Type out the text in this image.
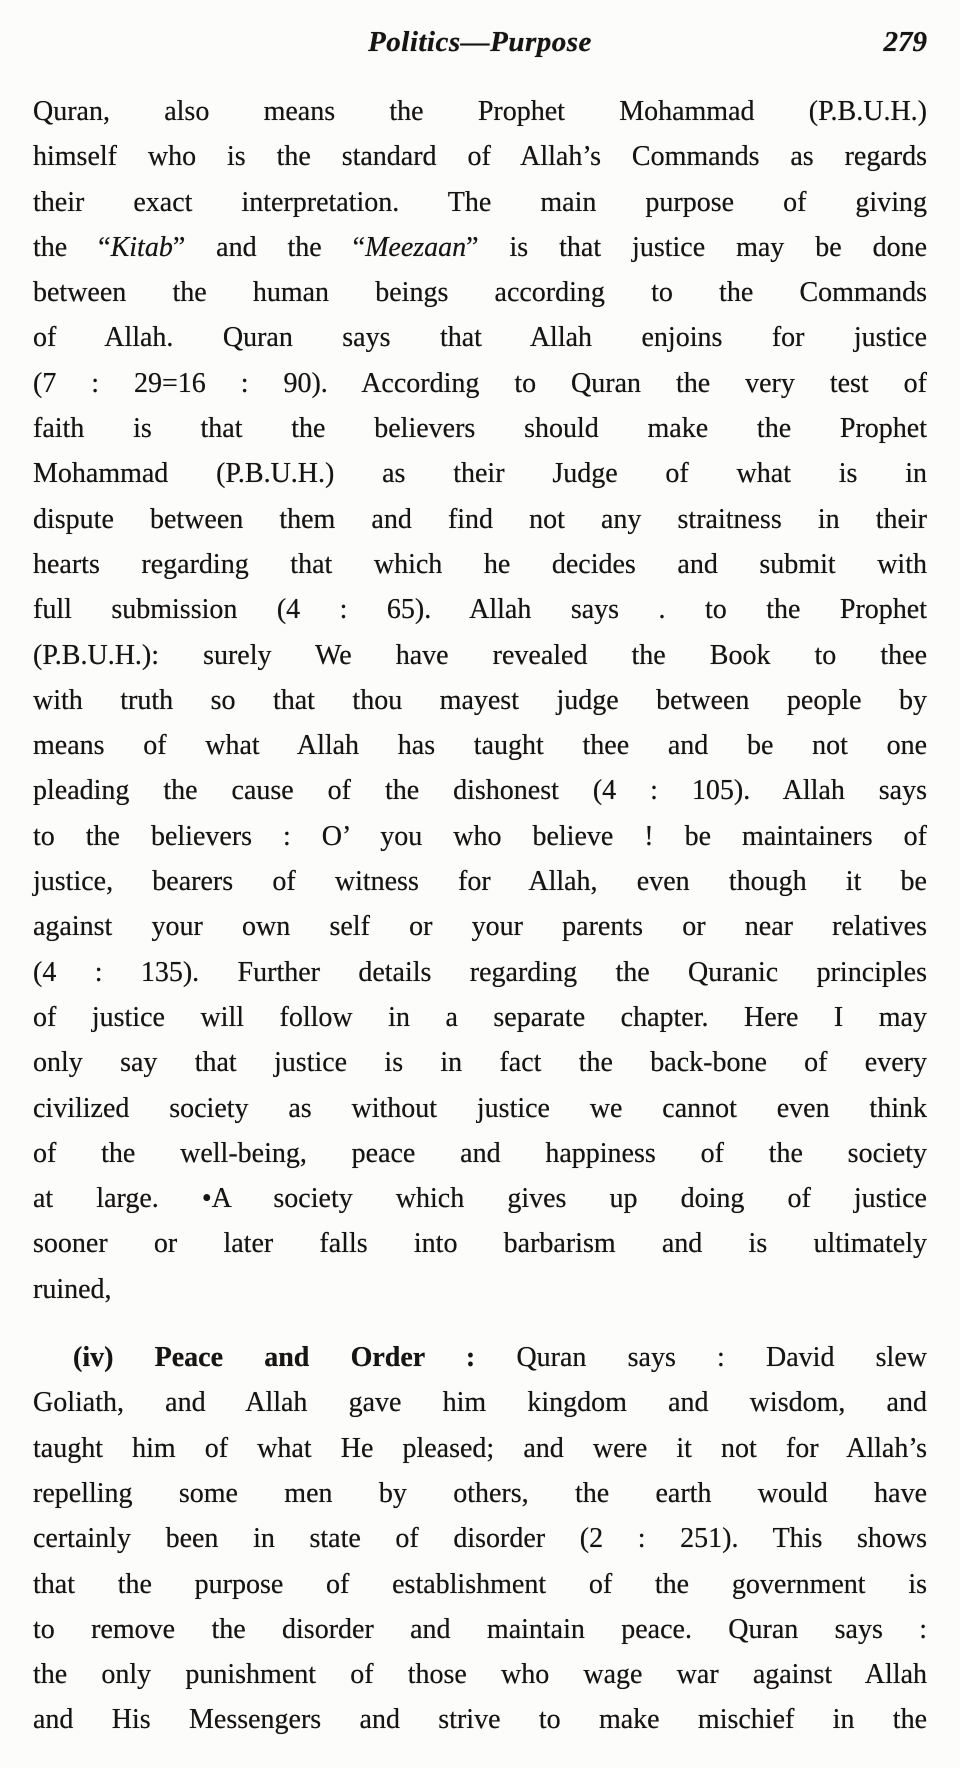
Politics—Purpose	279
Quran, also means the Prophet Mohammad (P.B.U.H.)
himself who is the standard of Allah’s Commands as regards
their exact interpretation. The main purpose of giving
the “Kitab” and the “Meezaan” is that justice may be done
between the human beings according to the Commands
of Allah. Quran says that Allah enjoins for justice
(7 : 29=16 : 90). According to Quran the very test of
faith is that the believers should make the Prophet
Mohammad (P.B.U.H.) as their Judge of what is in
dispute between them and find not any straitness in their
hearts regarding that which he decides and submit with
full submission (4 : 65). Allah says . to the Prophet
(P.B.U.H.): surely We have revealed the Book to thee
with truth so that thou mayest judge between people by
means of what Allah has taught thee and be not one
pleading the cause of the dishonest (4 : 105). Allah says
to the believers : O’ you who believe ! be maintainers of
justice, bearers of witness for Allah, even though it be
against your own self or your parents or near relatives
(4 : 135). Further details regarding the Quranic principles
of justice will follow in a separate chapter. Here I may
only say that justice is in fact the back-bone of every
civilized society as without justice we cannot even think
of the well-being, peace and happiness of the society
at large. •A society which gives up doing of justice
sooner or later falls into barbarism and is ultimately
ruined,
(iv) Peace and Order : Quran says : David slew
Goliath, and Allah gave him kingdom and wisdom, and
taught him of what He pleased; and were it not for Allah’s
repelling some men by others, the earth would have
certainly been in state of disorder (2 : 251). This shows
that the purpose of establishment of the government is
to remove the disorder and maintain peace. Quran says :
the only punishment of those who wage war against Allah
and His Messengers and strive to make mischief in the
